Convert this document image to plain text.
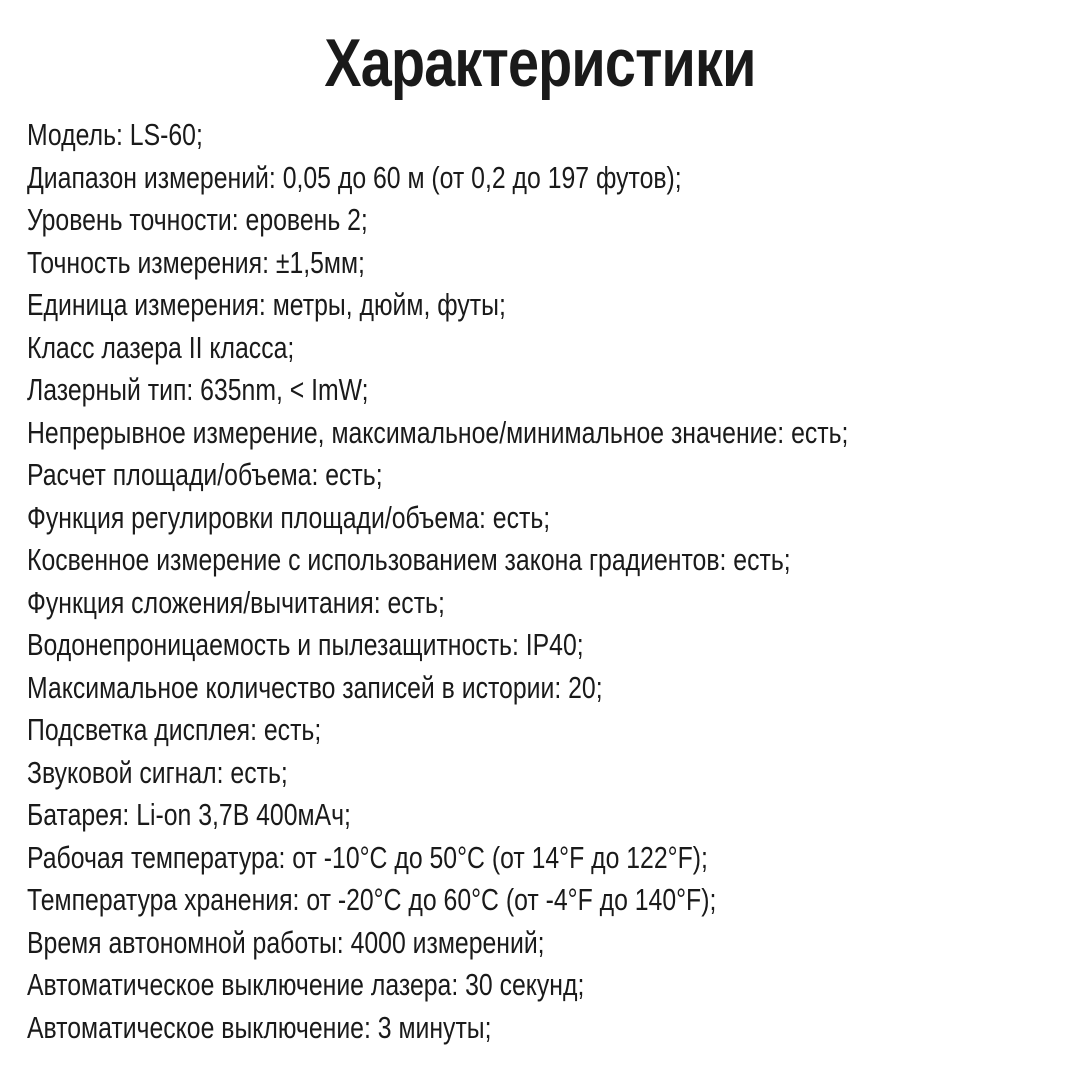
Характеристики
Модель: LS-60;
Диапазон измерений: 0,05 до 60 м (от 0,2 до 197 футов);
Уровень точности: еровень 2;
Точность измерения: ±1,5мм;
Единица измерения: метры, дюйм, футы;
Класс лазера II класса;
Лазерный тип: 635nm, < ImW;
Непрерывное измерение, максимальное/минимальное значение: есть;
Расчет площади/объема: есть;
Функция регулировки площади/объема: есть;
Косвенное измерение с использованием закона градиентов: есть;
Функция сложения/вычитания: есть;
Водонепроницаемость и пылезащитность: IP40;
Максимальное количество записей в истории: 20;
Подсветка дисплея: есть;
Звуковой сигнал: есть;
Батарея: Li-on 3,7В 400мАч;
Рабочая температура: от -10°C до 50°C (от 14°F до 122°F);
Температура хранения: от -20°C до 60°C (от -4°F до 140°F);
Время автономной работы: 4000 измерений;
Автоматическое выключение лазера: 30 секунд;
Автоматическое выключение: 3 минуты;
